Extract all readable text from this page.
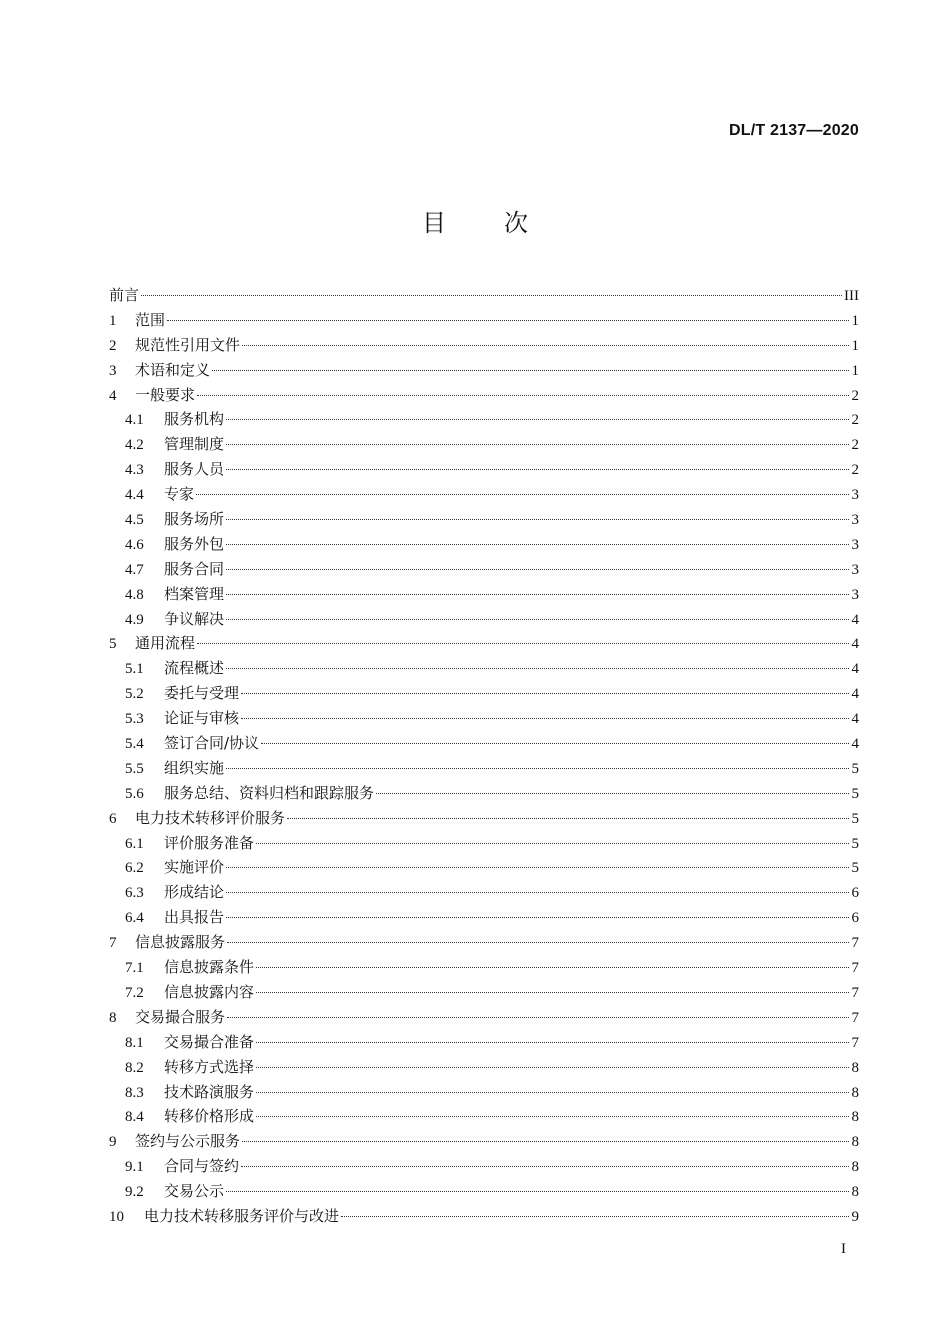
DL/T 2137—2020
目次
前言	III
1	范围	1
2	规范性引用文件	1
3	术语和定义	1
4	一般要求	2
4.1	服务机构	2
4.2	管理制度	2
4.3	服务人员	2
4.4	专家	3
4.5	服务场所	3
4.6	服务外包	3
4.7	服务合同	3
4.8	档案管理	3
4.9	争议解决	4
5	通用流程	4
5.1	流程概述	4
5.2	委托与受理	4
5.3	论证与审核	4
5.4	签订合同/协议	4
5.5	组织实施	5
5.6	服务总结、资料归档和跟踪服务	5
6	电力技术转移评价服务	5
6.1	评价服务准备	5
6.2	实施评价	5
6.3	形成结论	6
6.4	出具报告	6
7	信息披露服务	7
7.1	信息披露条件	7
7.2	信息披露内容	7
8	交易撮合服务	7
8.1	交易撮合准备	7
8.2	转移方式选择	8
8.3	技术路演服务	8
8.4	转移价格形成	8
9	签约与公示服务	8
9.1	合同与签约	8
9.2	交易公示	8
10	电力技术转移服务评价与改进	9
I
